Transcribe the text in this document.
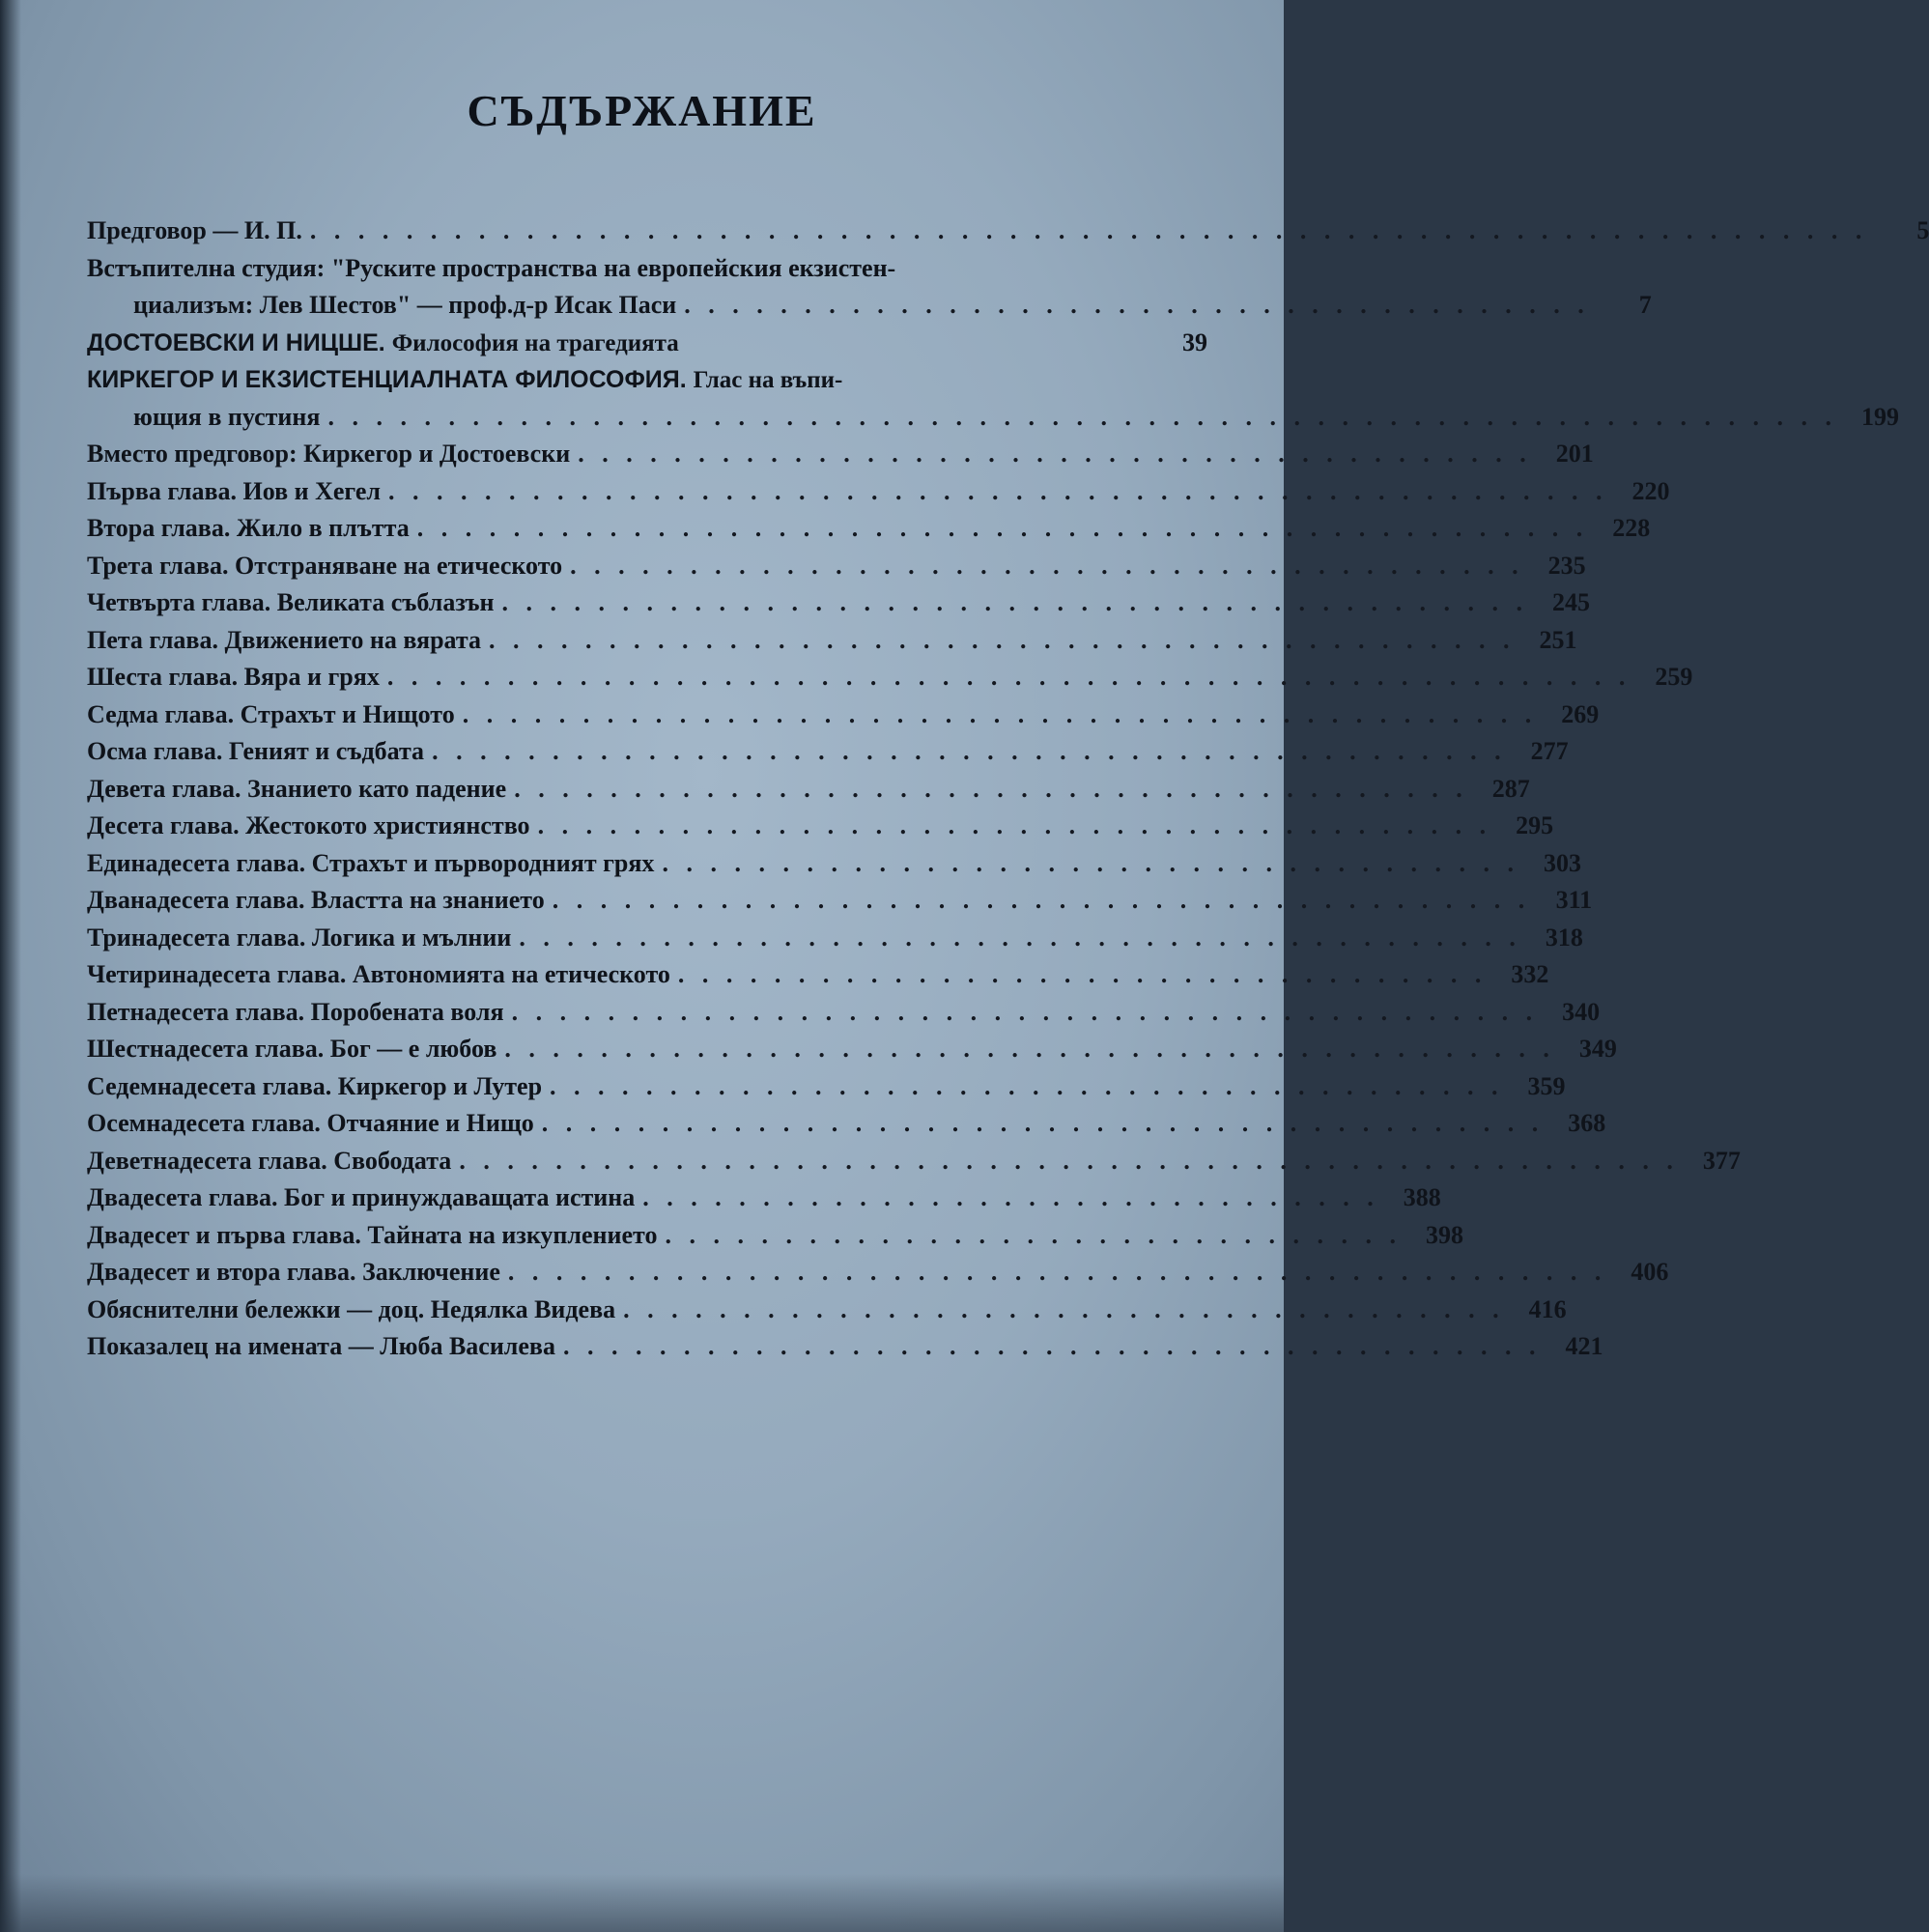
СЪДЪРЖАНИЕ
Предговор — И. П. . . . . . . . . . . . . . . . . . . . . . . . . . . . . . . . . . . . . . . . . . . . . . . . . . . . . . . . . . . . . . . . . .	5
Встъпителна студия: "Руските пространства на европейския екзистен-
циализъм: Лев Шестов" — проф.д-р Исак Паси . . . . . . . . . . . . . . . . . . . . . . . . . . . . . . . . . . . . . .	7
ДОСТОЕВСКИ И НИЦШЕ. Философия на трагедията	39
КИРКЕГОР И ЕКЗИСТЕНЦИАЛНАТА ФИЛОСОФИЯ. Глас на въпи-
ющия в пустиня . . . . . . . . . . . . . . . . . . . . . . . . . . . . . . . . . . . . . . . . . . . . . . . . . . . . . . . . . . . . . . . 199
Вместо предговор: Киркегор и Достоевски . . . . . . . . . . . . . . . . . . . . . . . . . . . . . . . . . . . . . . . . 201
Първа глава. Иов и Хегел . . . . . . . . . . . . . . . . . . . . . . . . . . . . . . . . . . . . . . . . . . . . . . . . . . . 220
Втора глава. Жило в плътта . . . . . . . . . . . . . . . . . . . . . . . . . . . . . . . . . . . . . . . . . . . . . . . . . 228
Трета глава. Отстраняване на етическото . . . . . . . . . . . . . . . . . . . . . . . . . . . . . . . . . . . . . . . . 235
Четвърта глава. Великата съблазън . . . . . . . . . . . . . . . . . . . . . . . . . . . . . . . . . . . . . . . . . . . 245
Пета глава. Движението на вярата . . . . . . . . . . . . . . . . . . . . . . . . . . . . . . . . . . . . . . . . . . . 251
Шеста глава. Вяра и грях . . . . . . . . . . . . . . . . . . . . . . . . . . . . . . . . . . . . . . . . . . . . . . . . . . . . 259
Седма глава. Страхът и Нищото . . . . . . . . . . . . . . . . . . . . . . . . . . . . . . . . . . . . . . . . . . . . . 269
Осма глава. Геният и съдбата . . . . . . . . . . . . . . . . . . . . . . . . . . . . . . . . . . . . . . . . . . . . . 277
Девета глава. Знанието като падение . . . . . . . . . . . . . . . . . . . . . . . . . . . . . . . . . . . . . . . . 287
Десета глава. Жестокото християнство . . . . . . . . . . . . . . . . . . . . . . . . . . . . . . . . . . . . . . . . 295
Единадесета глава. Страхът и първородният грях . . . . . . . . . . . . . . . . . . . . . . . . . . . . . . . . . . . . 303
Дванадесета глава. Властта на знанието . . . . . . . . . . . . . . . . . . . . . . . . . . . . . . . . . . . . . . . . .	311
Тринадесета глава. Логика и мълнии . . . . . . . . . . . . . . . . . . . . . . . . . . . . . . . . . . . . . . . . . . 318
Четиринадесета глава. Автономията на етическото . . . . . . . . . . . . . . . . . . . . . . . . . . . . . . . . . . 332
Петнадесета глава. Поробената воля . . . . . . . . . . . . . . . . . . . . . . . . . . . . . . . . . . . . . . . . . . . 340
Шестнадесета глава. Бог — е любов . . . . . . . . . . . . . . . . . . . . . . . . . . . . . . . . . . . . . . . . . . . . 349
Седемнадесета глава. Киркегор и Лутер . . . . . . . . . . . . . . . . . . . . . . . . . . . . . . . . . . . . . . . . 359
Осемнадесета глава. Отчаяние и Нищо . . . . . . . . . . . . . . . . . . . . . . . . . . . . . . . . . . . . . . . . . . 368
Деветнадесета глава. Свободата . . . . . . . . . . . . . . . . . . . . . . . . . . . . . . . . . . . . . . . . . . . . . . . . . . . 377
Двадесета глава. Бог и принуждаващата истина . . . . . . . . . . . . . . . . . . . . . . . . . . . . . . . 388
Двадесет и първа глава. Тайната на изкуплението . . . . . . . . . . . . . . . . . . . . . . . . . . . . . . . 398
Двадесет и втора глава. Заключение . . . . . . . . . . . . . . . . . . . . . . . . . . . . . . . . . . . . . . . . . . . . . . 406
Обяснителни бележки — доц. Недялка Видева . . . . . . . . . . . . . . . . . . . . . . . . . . . . . . . . . . . . . 416
Показалец на имената — Люба Василева . . . . . . . . . . . . . . . . . . . . . . . . . . . . . . . . . . . . . . . . . 421
